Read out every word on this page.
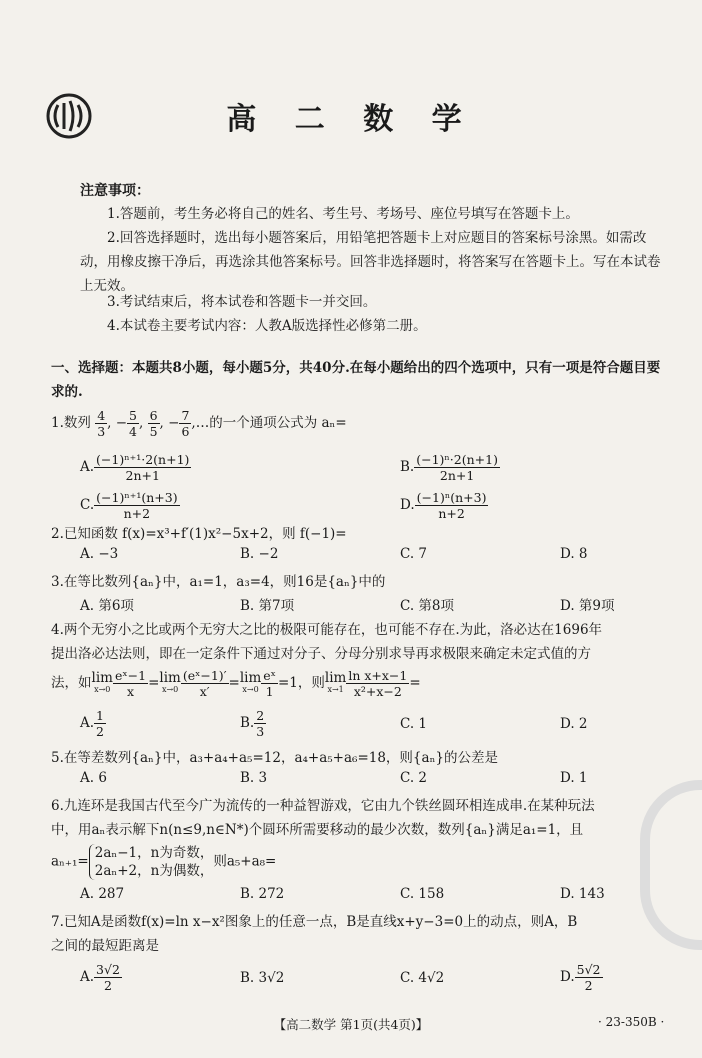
高 二 数 学
注意事项：
1.答题前，考生务必将自己的姓名、考生号、考场号、座位号填写在答题卡上。
2.回答选择题时，选出每小题答案后，用铅笔把答题卡上对应题目的答案标号涂黑。如需改动，用橡皮擦干净后，再选涂其他答案标号。回答非选择题时，将答案写在答题卡上。写在本试卷上无效。
3.考试结束后，将本试卷和答题卡一并交回。
4.本试卷主要考试内容：人教A版选择性必修第二册。
一、选择题：本题共8小题，每小题5分，共40分.在每小题给出的四个选项中，只有一项是符合题目要求的.
1.数列 $\frac{4}{3}$ , − $\frac{5}{4}$ , $\frac{6}{5}$ , − $\frac{7}{6}$ ,…的一个通项公式为 aₙ=
A. $\frac{\text{(−1)ⁿ⁺¹·2(n+1)}}{2n+1}$	B. $\frac{\text{(−1)ⁿ·2(n+1)}}{2n+1}$
C. $\frac{\text{(−1)ⁿ⁺¹(n+3)}}{n+2}$	D. $\frac{\text{(−1)ⁿ(n+3)}}{n+2}$
2.已知函数 f(x)=x³+f′(1)x²−5x+2，则 f(−1)=
A. −3	B. −2	C. 7	D. 8
3.在等比数列{aₙ}中，a₁=1，a₃=4，则16是{aₙ}中的
A. 第6项	B. 第7项	C. 第8项	D. 第9项
4.两个无穷小之比或两个无穷大之比的极限可能存在，也可能不存在.为此，洛必达在1696年
提出洛必达法则，即在一定条件下通过对分子、分母分别求导再求极限来确定未定式值的方
法，如 lim
$x\to 0 \frac{\text{eˣ−1}}{x} = \lim$
$x\to 0 \frac{\text{(eˣ−1)′}}{x'} = \lim$
$x\to 0 \frac{\text{eˣ}}{1} =1$，则 lim
$x\to 1 \frac{\text{ln x+x−1}}{\text{x²+x−2}}$ =
A. $\frac{1}{2}$	B. $\frac{2}{3}$	C. 1	D. 2
5.在等差数列{aₙ}中，a₃+a₄+a₅=12，a₄+a₅+a₆=18，则{aₙ}的公差是
A. 6	B. 3	C. 2	D. 1
6.九连环是我国古代至今广为流传的一种益智游戏，它由九个铁丝圆环相连成串.在某种玩法
中，用aₙ表示解下n(n≤9,n∈N*)个圆环所需要移动的最少次数，数列{aₙ}满足a₁=1，且
aₙ₊₁=
2aₙ−1，n为奇数，
2aₙ+2，n为偶数，
则a₅+a₈=
A. 287	B. 272	C. 158	D. 143
7.已知A是函数f(x)=ln x−x²图象上的任意一点，B是直线x+y−3=0上的动点，则A，B
之间的最短距离是
A. $\frac{3√2}{2}$	B. 3√2	C. 4√2	D. $\frac{5√2}{2}$
【高二数学 第1页(共4页)】	· 23-350B ·
